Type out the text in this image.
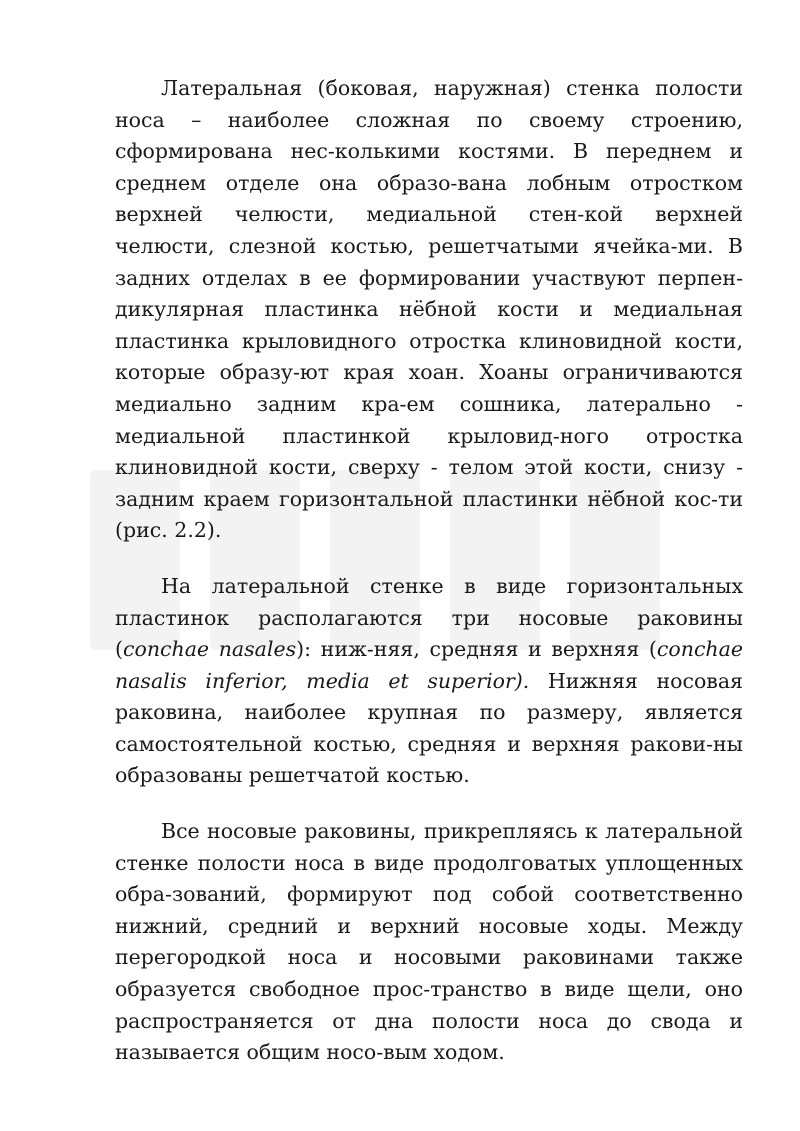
Латеральная (боковая, наружная) стенка полости носа – наиболее сложная по своему строению, сформирована нес-колькими костями. В переднем и среднем отделе она образо-вана лобным отростком верхней челюсти, медиальной стен-кой верхней челюсти, слезной костью, решетчатыми ячейка-ми. В задних отделах в ее формировании участвуют перпен-дикулярная пластинка нёбной кости и медиальная пластинка крыловидного отростка клиновидной кости, которые образу-ют края хоан. Хоаны ограничиваются медиально задним кра-ем сошника, латерально - медиальной пластинкой крыловид-ного отростка клиновидной кости, сверху - телом этой кости, снизу - задним краем горизонтальной пластинки нёбной кос-ти (рис. 2.2).

На латеральной стенке в виде горизонтальных пластинок располагаются три носовые раковины (conchae nasales): ниж-няя, средняя и верхняя (conchae nasalis inferior, media et superior). Нижняя носовая раковина, наиболее крупная по размеру, является самостоятельной костью, средняя и верхняя ракови-ны образованы решетчатой костью.

Все носовые раковины, прикрепляясь к латеральной стенке полости носа в виде продолговатых уплощенных обра-зований, формируют под собой соответственно нижний, средний и верхний носовые ходы. Между перегородкой носа и носовыми раковинами также образуется свободное прос-транство в виде щели, оно распространяется от дна полости носа до свода и называется общим носо-вым ходом.
